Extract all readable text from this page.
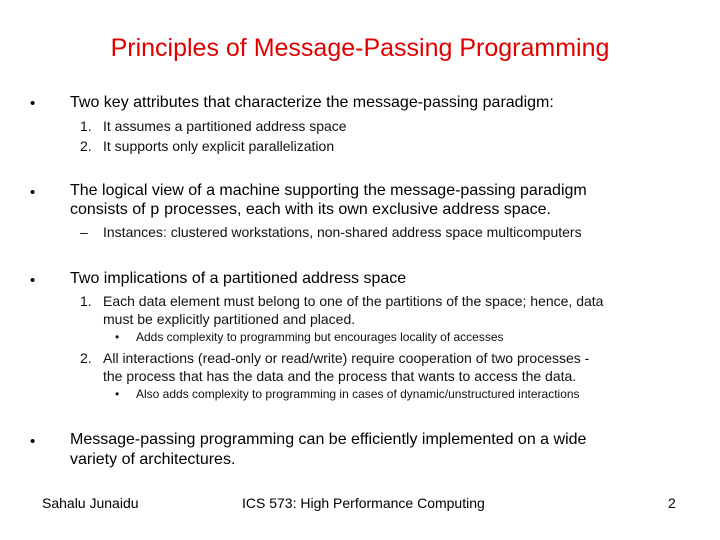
Principles of Message-Passing Programming
• Two key attributes that characterize the message-passing paradigm:
1. It assumes a partitioned address space
2. It supports only explicit parallelization
• The logical view of a machine supporting the message-passing paradigm
consists of p processes, each with its own exclusive address space.
– Instances: clustered workstations, non-shared address space multicomputers
• Two implications of a partitioned address space
1. Each data element must belong to one of the partitions of the space; hence, data
must be explicitly partitioned and placed.
• Adds complexity to programming but encourages locality of accesses
2. All interactions (read-only or read/write) require cooperation of two processes -
the process that has the data and the process that wants to access the data.
• Also adds complexity to programming in cases of dynamic/unstructured interactions
• Message-passing programming can be efficiently implemented on a wide
variety of architectures.
Sahalu Junaidu	ICS 573: High Performance Computing	2
